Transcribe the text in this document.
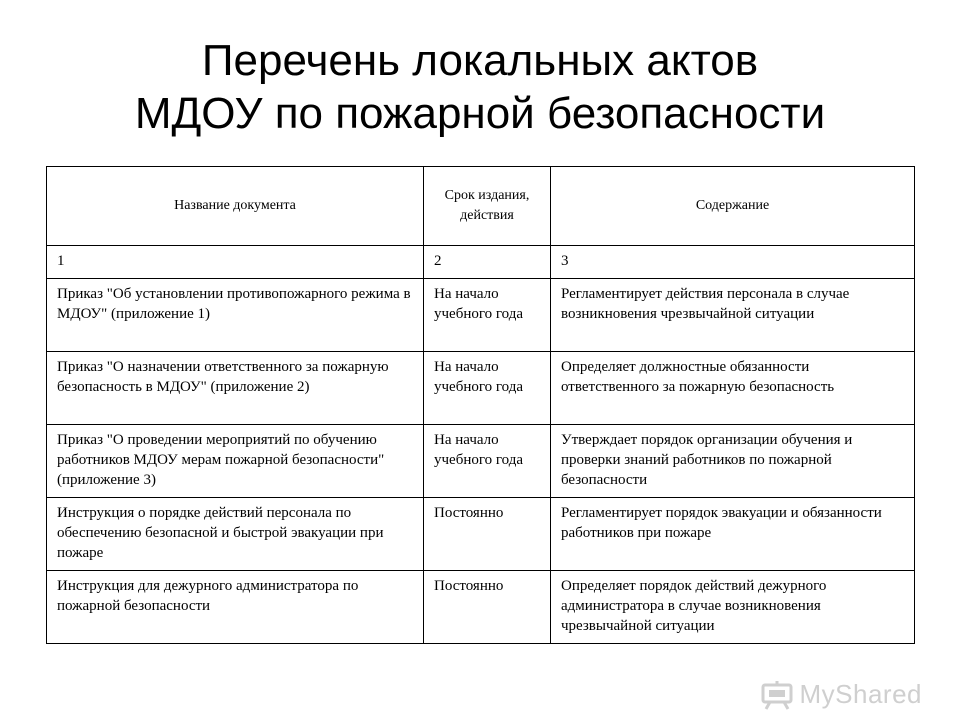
Перечень локальных актов
МДОУ по пожарной безопасности
Название документа	Срок издания, действия	Содержание
1	2	3
Приказ "Об установлении противопожарного режима в МДОУ" (приложение 1)	На начало учебного года	Регламентирует действия персонала в случае возникновения чрезвычайной ситуации
Приказ "О назначении ответственного за пожарную безопасность в МДОУ" (приложение 2)	На начало учебного года	Определяет должностные обязанности ответственного за пожарную безопасность
Приказ "О проведении мероприятий по обучению работников МДОУ мерам пожарной безопасности" (приложение 3)	На начало учебного года	Утверждает порядок организации обучения и проверки знаний работников по пожарной безопасности
Инструкция о порядке действий персонала по обеспечению безопасной и быстрой эвакуации при пожаре	Постоянно	Регламентирует порядок эвакуации и обязанности работников при пожаре
Инструкция для дежурного администратора по пожарной безопасности	Постоянно	Определяет порядок действий дежурного администратора в случае возникновения чрезвычайной ситуации
MyShared
